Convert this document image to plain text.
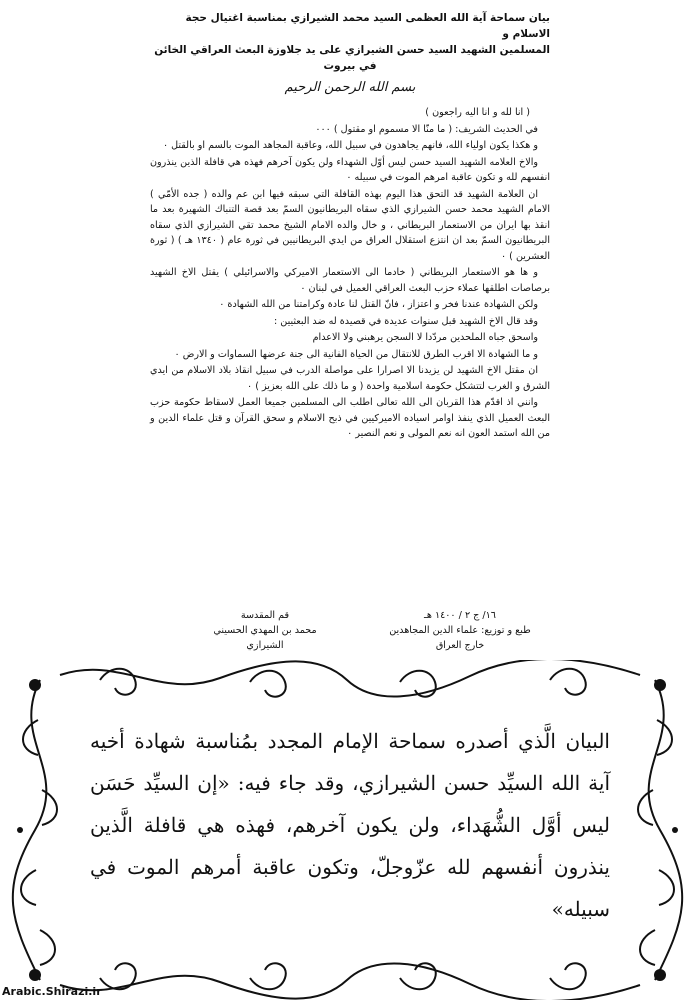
بيان سماحة آية الله العظمى السيد محمد الشيرازي بمناسبة اغتيال حجة الاسلام و
المسلمين الشهيد السيد حسن الشيرازي على يد جلاوزة البعث العراقي الخائن
في بيروت
بسم الله الرحمن الرحيم

( انا لله و انا اليه راجعون )

في الحديث الشريف: ( ما منّا الا مسموم او مقتول ) ٠٠٠

و هكذا يكون اولياء الله، فانهم يجاهدون في سبيل الله، وعاقبة المجاهد الموت بالسم او بالقتل ٠

والاخ العلامه الشهيد السيد حسن ليس أوّل الشهداء ولن يكون آخرهم فهذه هي قافلة الذين ينذرون انفسهم لله و تكون عاقبة امرهم الموت في سبيله ٠

ان العلامة الشهيد قد التحق هذا اليوم بهذه القافلة التي سبقه فيها ابن عم والده ( جده الأمّي ) الامام الشهيد محمد حسن الشيرازي الذي سقاه البريطانيون السمّ بعد قصة التنباك الشهيرة بعد ما انقذ بها ايران من الاستعمار البريطاني ، و خال والده الامام الشيخ محمد تقي الشيرازي الذي سقاه البريطانيون السمّ بعد ان انتزع استقلال العراق من ايدي البريطانيين في ثورة عام ( ١٣٤٠ هـ ) ( ثورة العشرين ) ٠

و ها هو الاستعمار البريطاني ( خادما الى الاستعمار الاميركي والاسرائيلي ) يقتل الاخ الشهيد برصاصات اطلقها عملاء حزب البعث العراقي العميل في لبنان ٠

ولكن الشهادة عندنا فخر و اعتزاز ، فانّ القتل لنا عادة وكرامتنا من الله الشهادة ٠

وقد قال الاخ الشهيد قبل سنوات عديدة في قصيدة له ضد البعثيين :

واسحق جباه الملحدين مردّدا لا السجن يرهبني ولا الاعدام

و ما الشهادة الا اقرب الطرق للانتقال من الحياة الفانية الى جنة عرضها السماوات و الارض ٠

ان مقتل الاخ الشهيد لن يزيدنا الا اصرارا على مواصلة الدرب في سبيل انقاذ بلاد الاسلام من ايدي الشرق و الغرب لتتشكل حكومة اسلامية واحدة ( و ما ذلك على الله بعزيز ) ٠

وانني اذ اقدّم هذا القربان الى الله تعالى اطلب الى المسلمين جميعا العمل لاسقاط حكومة حزب البعث العميل الذي ينفذ اوامر اسياده الاميركيين في ذبح الاسلام و سحق القرآن و قتل علماء الدين و من الله استمد العون انه نعم المولى و نعم النصير ٠

١٦/ ج ٢ / ١٤٠٠ هـ
طبع و توزيع: علماء الدين المجاهدين
خارج العراق
قم المقدسة
محمد بن المهدي الحسيني
الشيرازي
البيان الَّذي أصدره سماحة الإمام المجدد بمُناسبة شهادة أخيه آية الله السيِّد حسن الشيرازي، وقد جاء فيه: «إن السيِّد حَسَن ليس أوَّل الشُّهَداء، ولن يكون آخرهم، فهذه هي قافلة الَّذين ينذرون أنفسهم لله عزّوجلّ، وتكون عاقبة أمرهم الموت في سبيله»
Arabic.Shirazi.ir
